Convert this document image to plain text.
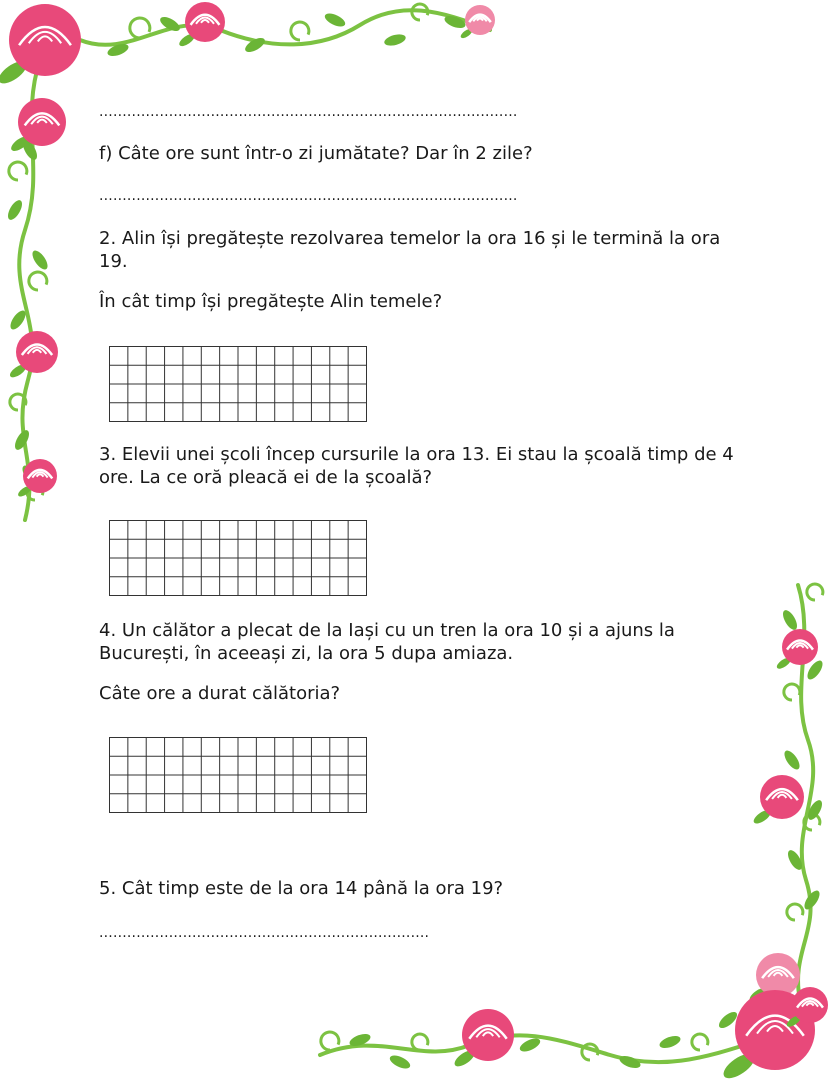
..........................................................................................

f) Câte ore sunt într-o zi jumătate? Dar în 2 zile?

..........................................................................................

2. Alin își pregătește rezolvarea temelor la ora 16 și le termină la ora 19.

În cât timp își pregătește Alin temele?

3. Elevii unei școli încep cursurile la ora 13. Ei stau la școală timp de 4 ore. La ce oră pleacă ei de la școală?

4. Un călător a plecat de la Iași cu un tren la ora 10 și a ajuns la București, în aceeași zi, la ora 5 dupa amiaza.

Câte ore a durat călătoria?

5. Cât timp este de la ora 14 până la ora 19?

.......................................................................
